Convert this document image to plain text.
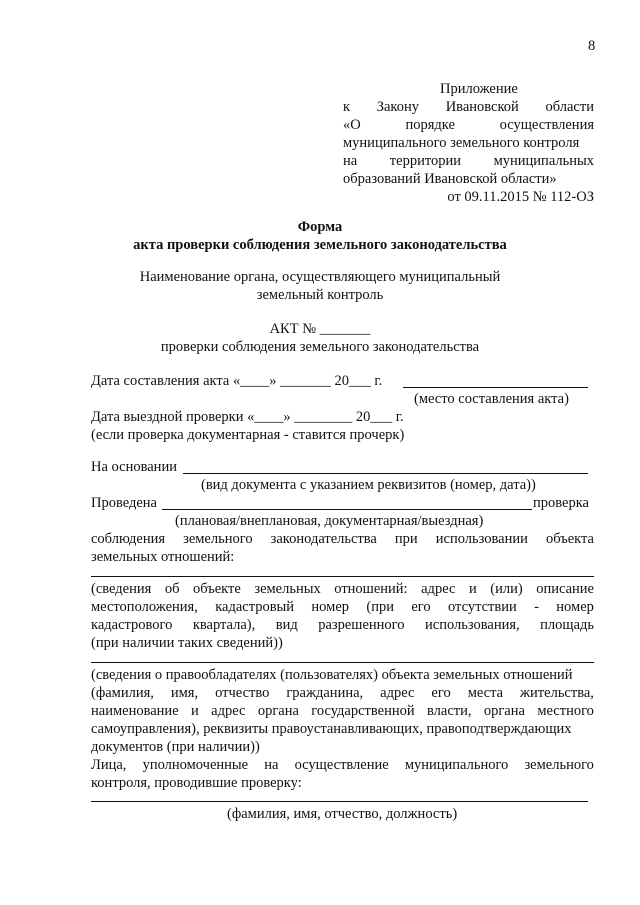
8
Приложение
к Закону Ивановской области
«О	порядке	осуществления
муниципального земельного контроля
на территории муниципальных
образований Ивановской области»
от 09.11.2015 № 112-ОЗ
Форма
акта проверки соблюдения земельного законодательства
Наименование органа, осуществляющего муниципальный
земельный контроль
АКТ № _______
проверки соблюдения земельного законодательства
Дата составления акта «____» _______ 20___ г.
(место составления акта)
Дата выездной проверки «____» ________ 20___ г.
(если проверка документарная - ставится прочерк)
На основании
(вид документа с указанием реквизитов (номер, дата))
Проведена	проверка
(плановая/внеплановая, документарная/выездная)
соблюдения земельного законодательства при использовании объекта
земельных отношений:
(сведения об объекте земельных отношений: адрес и (или) описание
местоположения, кадастровый номер (при его отсутствии - номер
кадастрового квартала), вид разрешенного использования, площадь
(при наличии таких сведений))
(сведения о правообладателях (пользователях) объекта земельных отношений
(фамилия, имя, отчество гражданина, адрес его места жительства,
наименование и адрес органа государственной власти, органа местного
самоуправления), реквизиты правоустанавливающих, правоподтверждающих
документов (при наличии))
Лица, уполномоченные на осуществление муниципального земельного
контроля, проводившие проверку:
(фамилия, имя, отчество, должность)
